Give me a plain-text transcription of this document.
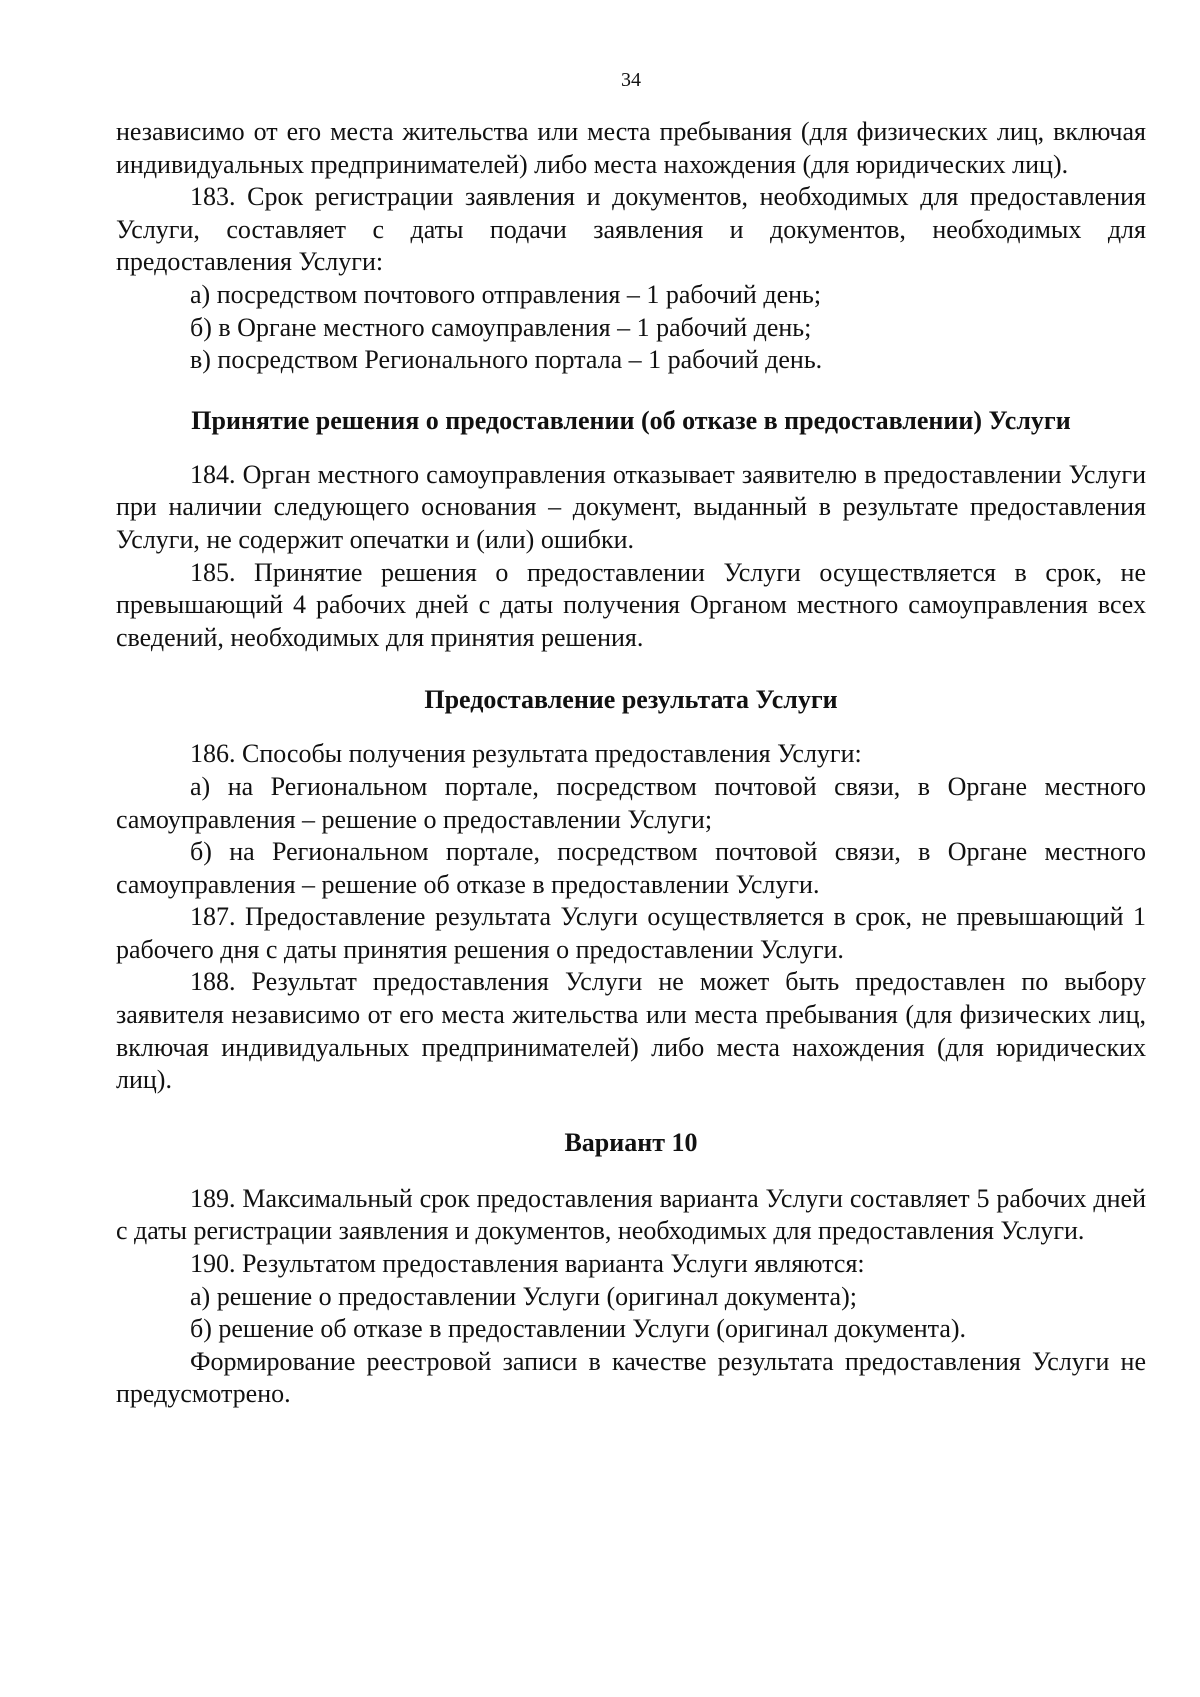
34

независимо от его места жительства или места пребывания (для физических лиц, включая индивидуальных предпринимателей) либо места нахождения (для юридических лиц).

183. Срок регистрации заявления и документов, необходимых для предоставления Услуги, составляет с даты подачи заявления и документов, необходимых для предоставления Услуги:

а) посредством почтового отправления – 1 рабочий день;

б) в Органе местного самоуправления – 1 рабочий день;

в) посредством Регионального портала – 1 рабочий день.

Принятие решения о предоставлении (об отказе в предоставлении) Услуги

184. Орган местного самоуправления отказывает заявителю в предоставлении Услуги при наличии следующего основания – документ, выданный в результате предоставления Услуги, не содержит опечатки и (или) ошибки.

185. Принятие решения о предоставлении Услуги осуществляется в срок, не превышающий 4 рабочих дней с даты получения Органом местного самоуправления всех сведений, необходимых для принятия решения.

Предоставление результата Услуги

186. Способы получения результата предоставления Услуги:

а) на Региональном портале, посредством почтовой связи, в Органе местного самоуправления – решение о предоставлении Услуги;

б) на Региональном портале, посредством почтовой связи, в Органе местного самоуправления – решение об отказе в предоставлении Услуги.

187. Предоставление результата Услуги осуществляется в срок, не превышающий 1 рабочего дня с даты принятия решения о предоставлении Услуги.

188. Результат предоставления Услуги не может быть предоставлен по выбору заявителя независимо от его места жительства или места пребывания (для физических лиц, включая индивидуальных предпринимателей) либо места нахождения (для юридических лиц).

Вариант 10

189. Максимальный срок предоставления варианта Услуги составляет 5 рабочих дней с даты регистрации заявления и документов, необходимых для предоставления Услуги.

190. Результатом предоставления варианта Услуги являются:

а) решение о предоставлении Услуги (оригинал документа);

б) решение об отказе в предоставлении Услуги (оригинал документа).

Формирование реестровой записи в качестве результата предоставления Услуги не предусмотрено.
